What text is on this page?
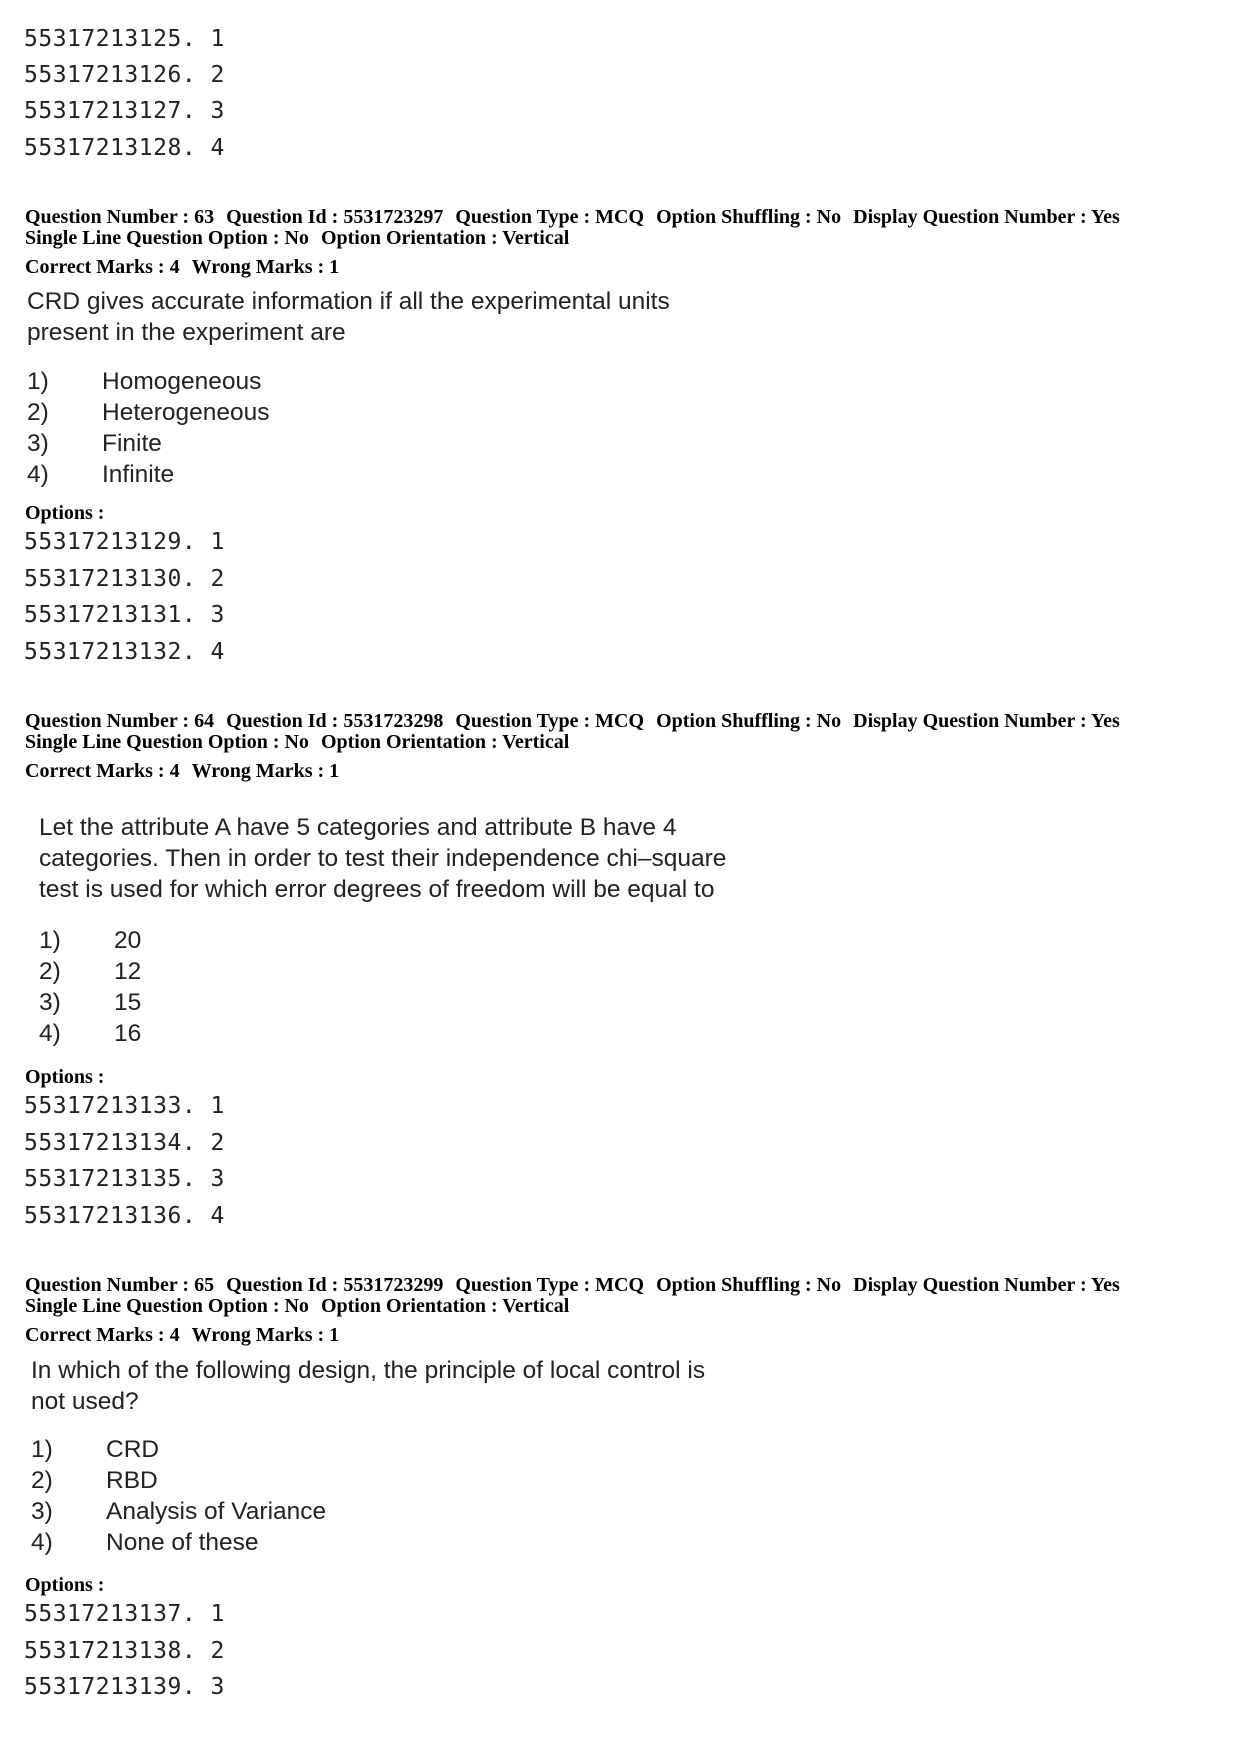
55317213125. 1
55317213126. 2
55317213127. 3
55317213128. 4
Question Number : 63 Question Id : 5531723297 Question Type : MCQ Option Shuffling : No Display Question Number : Yes
Single Line Question Option : No Option Orientation : Vertical
Correct Marks : 4 Wrong Marks : 1
CRD gives accurate information if all the experimental units
present in the experiment are
1) Homogeneous
2) Heterogeneous
3) Finite
4) Infinite
Options :
55317213129. 1
55317213130. 2
55317213131. 3
55317213132. 4
Question Number : 64 Question Id : 5531723298 Question Type : MCQ Option Shuffling : No Display Question Number : Yes
Single Line Question Option : No Option Orientation : Vertical
Correct Marks : 4 Wrong Marks : 1
Let the attribute A have 5 categories and attribute B have 4
categories. Then in order to test their independence chi–square
test is used for which error degrees of freedom will be equal to
1) 20
2) 12
3) 15
4) 16
Options :
55317213133. 1
55317213134. 2
55317213135. 3
55317213136. 4
Question Number : 65 Question Id : 5531723299 Question Type : MCQ Option Shuffling : No Display Question Number : Yes
Single Line Question Option : No Option Orientation : Vertical
Correct Marks : 4 Wrong Marks : 1
In which of the following design, the principle of local control is
not used?
1) CRD
2) RBD
3) Analysis of Variance
4) None of these
Options :
55317213137. 1
55317213138. 2
55317213139. 3
